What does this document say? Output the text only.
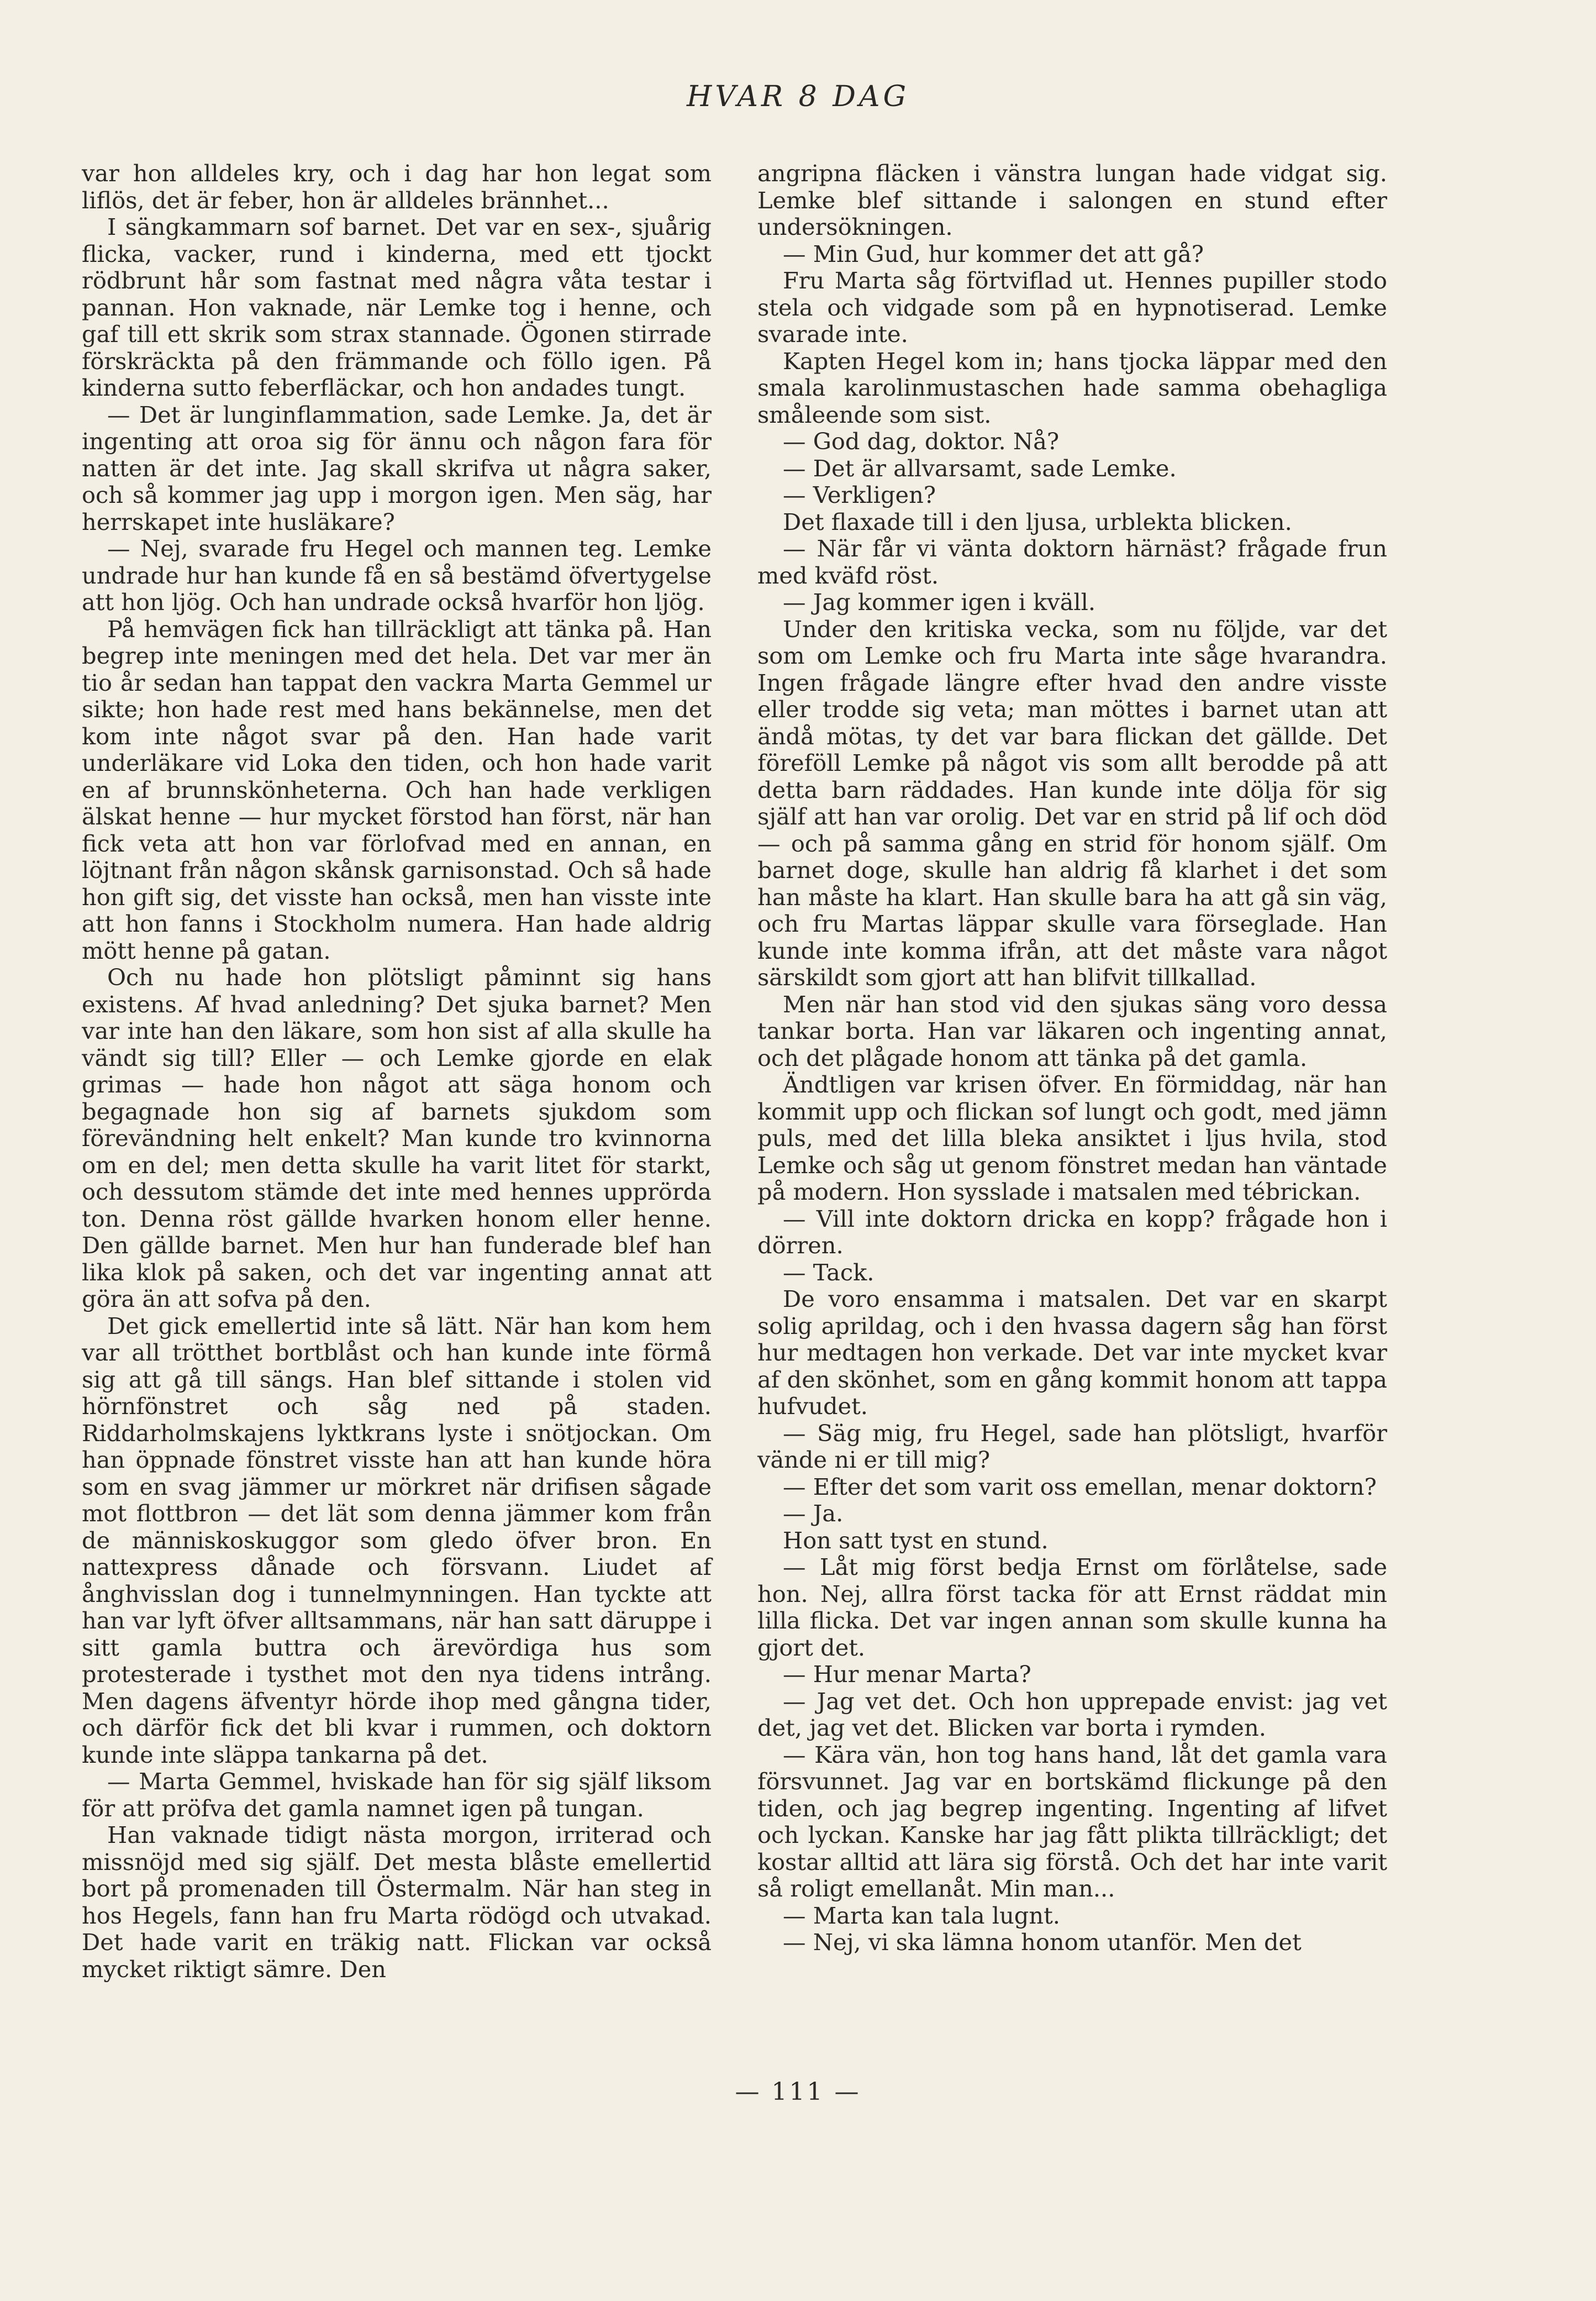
HVAR 8 DAG

var hon alldeles kry, och i dag har hon legat som liflös, det är feber, hon är alldeles brännhet...

I sängkammarn sof barnet. Det var en sex-, sjuårig flicka, vacker, rund i kinderna, med ett tjockt rödbrunt hår som fastnat med några våta testar i pannan. Hon vaknade, när Lemke tog i henne, och gaf till ett skrik som strax stannade. Ögonen stirrade förskräckta på den främmande och föllo igen. På kinderna sutto feberfläckar, och hon andades tungt.

— Det är lunginflammation, sade Lemke. Ja, det är ingenting att oroa sig för ännu och någon fara för natten är det inte. Jag skall skrifva ut några saker, och så kommer jag upp i morgon igen. Men säg, har herrskapet inte husläkare?

— Nej, svarade fru Hegel och mannen teg. Lemke undrade hur han kunde få en så bestämd öfvertygelse att hon ljög. Och han undrade också hvarför hon ljög.

På hemvägen fick han tillräckligt att tänka på. Han begrep inte meningen med det hela. Det var mer än tio år sedan han tappat den vackra Marta Gemmel ur sikte; hon hade rest med hans bekännelse, men det kom inte något svar på den. Han hade varit underläkare vid Loka den tiden, och hon hade varit en af brunnskönheterna. Och han hade verkligen älskat henne — hur mycket förstod han först, när han fick veta att hon var förlofvad med en annan, en löjtnant från någon skånsk garnisonstad. Och så hade hon gift sig, det visste han också, men han visste inte att hon fanns i Stockholm numera. Han hade aldrig mött henne på gatan.

Och nu hade hon plötsligt påminnt sig hans existens. Af hvad anledning? Det sjuka barnet? Men var inte han den läkare, som hon sist af alla skulle ha vändt sig till? Eller — och Lemke gjorde en elak grimas — hade hon något att säga honom och begagnade hon sig af barnets sjukdom som förevändning helt enkelt? Man kunde tro kvinnorna om en del; men detta skulle ha varit litet för starkt, och dessutom stämde det inte med hennes upprörda ton. Denna röst gällde hvarken honom eller henne. Den gällde barnet. Men hur han funderade blef han lika klok på saken, och det var ingenting annat att göra än att sofva på den.

Det gick emellertid inte så lätt. När han kom hem var all trötthet bortblåst och han kunde inte förmå sig att gå till sängs. Han blef sittande i stolen vid hörnfönstret och såg ned på staden. Riddarholmskajens lyktkrans lyste i snötjockan. Om han öppnade fönstret visste han att han kunde höra som en svag jämmer ur mörkret när drifisen sågade mot flottbron — det lät som denna jämmer kom från de människoskuggor som gledo öfver bron. En nattexpress dånade och försvann. Liudet af ånghvisslan dog i tunnelmynningen. Han tyckte att han var lyft öfver alltsammans, när han satt däruppe i sitt gamla buttra och ärevördiga hus som protesterade i tysthet mot den nya tidens intrång. Men dagens äfventyr hörde ihop med gångna tider, och därför fick det bli kvar i rummen, och doktorn kunde inte släppa tankarna på det.

— Marta Gemmel, hviskade han för sig själf liksom för att pröfva det gamla namnet igen på tungan.

Han vaknade tidigt nästa morgon, irriterad och missnöjd med sig själf. Det mesta blåste emellertid bort på promenaden till Östermalm. När han steg in hos Hegels, fann han fru Marta rödögd och utvakad. Det hade varit en träkig natt. Flickan var också mycket riktigt sämre. Den

angripna fläcken i vänstra lungan hade vidgat sig. Lemke blef sittande i salongen en stund efter undersökningen.

— Min Gud, hur kommer det att gå?

Fru Marta såg förtviflad ut. Hennes pupiller stodo stela och vidgade som på en hypnotiserad. Lemke svarade inte.

Kapten Hegel kom in; hans tjocka läppar med den smala karolinmustaschen hade samma obehagliga småleende som sist.

— God dag, doktor. Nå?

— Det är allvarsamt, sade Lemke.

— Verkligen?

Det flaxade till i den ljusa, urblekta blicken.

— När får vi vänta doktorn härnäst? frågade frun med kväfd röst.

— Jag kommer igen i kväll.

Under den kritiska vecka, som nu följde, var det som om Lemke och fru Marta inte såge hvarandra. Ingen frågade längre efter hvad den andre visste eller trodde sig veta; man möttes i barnet utan att ändå mötas, ty det var bara flickan det gällde. Det föreföll Lemke på något vis som allt berodde på att detta barn räddades. Han kunde inte dölja för sig själf att han var orolig. Det var en strid på lif och död — och på samma gång en strid för honom själf. Om barnet doge, skulle han aldrig få klarhet i det som han måste ha klart. Han skulle bara ha att gå sin väg, och fru Martas läppar skulle vara förseglade. Han kunde inte komma ifrån, att det måste vara något särskildt som gjort att han blifvit tillkallad.

Men när han stod vid den sjukas säng voro dessa tankar borta. Han var läkaren och ingenting annat, och det plågade honom att tänka på det gamla.

Ändtligen var krisen öfver. En förmiddag, när han kommit upp och flickan sof lungt och godt, med jämn puls, med det lilla bleka ansiktet i ljus hvila, stod Lemke och såg ut genom fönstret medan han väntade på modern. Hon sysslade i matsalen med tébrickan.

— Vill inte doktorn dricka en kopp? frågade hon i dörren.

— Tack.

De voro ensamma i matsalen. Det var en skarpt solig aprildag, och i den hvassa dagern såg han först hur medtagen hon verkade. Det var inte mycket kvar af den skönhet, som en gång kommit honom att tappa hufvudet.

— Säg mig, fru Hegel, sade han plötsligt, hvarför vände ni er till mig?

— Efter det som varit oss emellan, menar doktorn?

— Ja.

Hon satt tyst en stund.

— Låt mig först bedja Ernst om förlåtelse, sade hon. Nej, allra först tacka för att Ernst räddat min lilla flicka. Det var ingen annan som skulle kunna ha gjort det.

— Hur menar Marta?

— Jag vet det. Och hon upprepade envist: jag vet det, jag vet det. Blicken var borta i rymden.

— Kära vän, hon tog hans hand, låt det gamla vara försvunnet. Jag var en bortskämd flickunge på den tiden, och jag begrep ingenting. Ingenting af lifvet och lyckan. Kanske har jag fått plikta tillräckligt; det kostar alltid att lära sig förstå. Och det har inte varit så roligt emellanåt. Min man...

— Marta kan tala lugnt.

— Nej, vi ska lämna honom utanför. Men det

— 111 —
